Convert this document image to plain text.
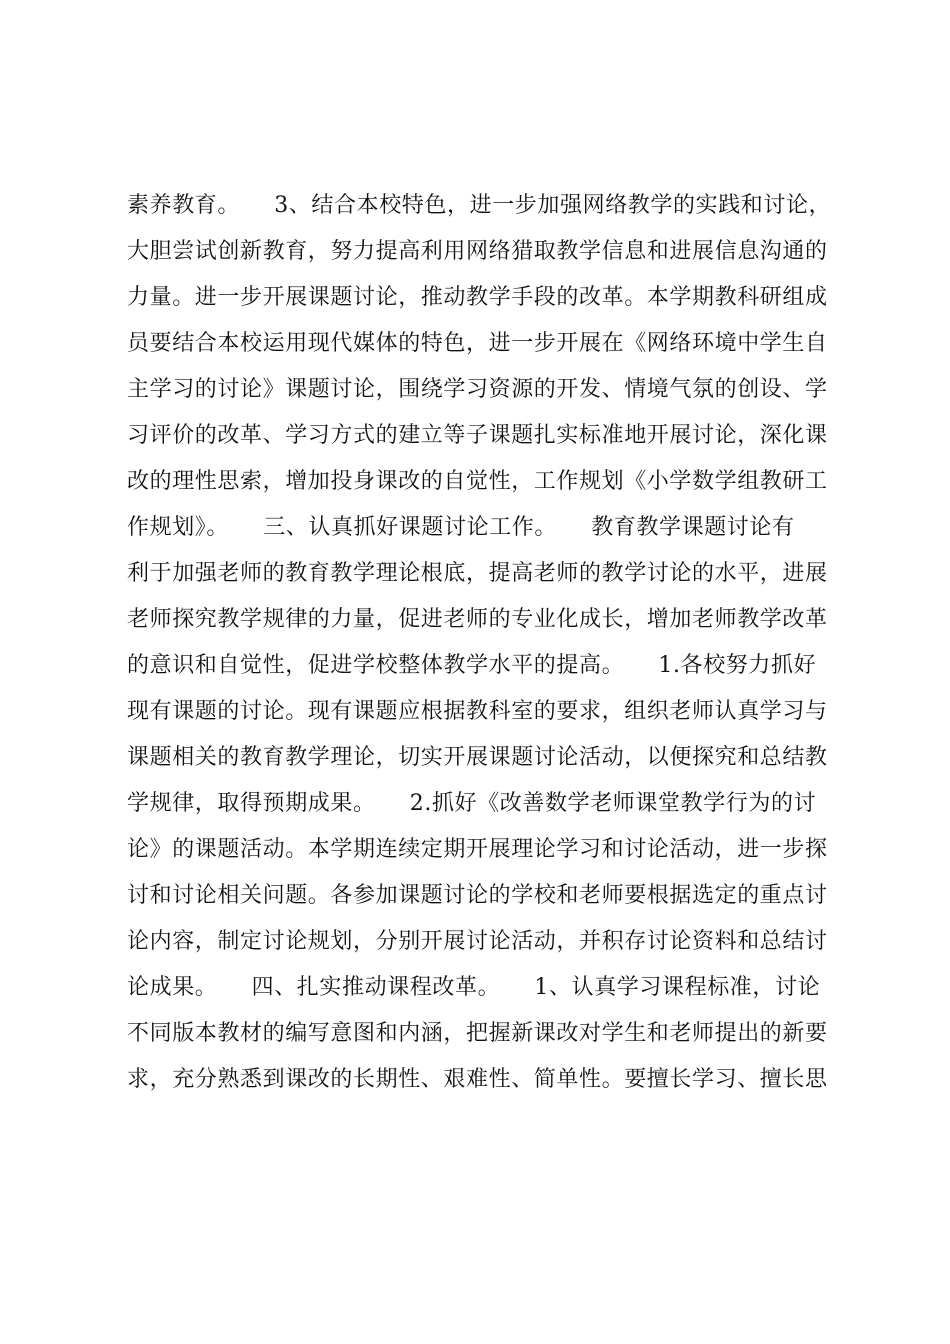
素养教育。　　3、结合本校特色，进一步加强网络教学的实践和讨论，
大胆尝试创新教育，努力提高利用网络猎取教学信息和进展信息沟通的
力量。进一步开展课题讨论，推动教学手段的改革。本学期教科研组成
员要结合本校运用现代媒体的特色，进一步开展在《网络环境中学生自
主学习的讨论》课题讨论，围绕学习资源的开发、情境气氛的创设、学
习评价的改革、学习方式的建立等子课题扎实标准地开展讨论，深化课
改的理性思索，增加投身课改的自觉性，工作规划《小学数学组教研工
作规划》。　　三、认真抓好课题讨论工作。　　教育教学课题讨论有
利于加强老师的教育教学理论根底，提高老师的教学讨论的水平，进展
老师探究教学规律的力量，促进老师的专业化成长，增加老师教学改革
的意识和自觉性，促进学校整体教学水平的提高。　　1.各校努力抓好
现有课题的讨论。现有课题应根据教科室的要求，组织老师认真学习与
课题相关的教育教学理论，切实开展课题讨论活动，以便探究和总结教
学规律，取得预期成果。　　2.抓好《改善数学老师课堂教学行为的讨
论》的课题活动。本学期连续定期开展理论学习和讨论活动，进一步探
讨和讨论相关问题。各参加课题讨论的学校和老师要根据选定的重点讨
论内容，制定讨论规划，分别开展讨论活动，并积存讨论资料和总结讨
论成果。　　四、扎实推动课程改革。　　1、认真学习课程标准，讨论
不同版本教材的编写意图和内涵，把握新课改对学生和老师提出的新要
求，充分熟悉到课改的长期性、艰难性、简单性。要擅长学习、擅长思
